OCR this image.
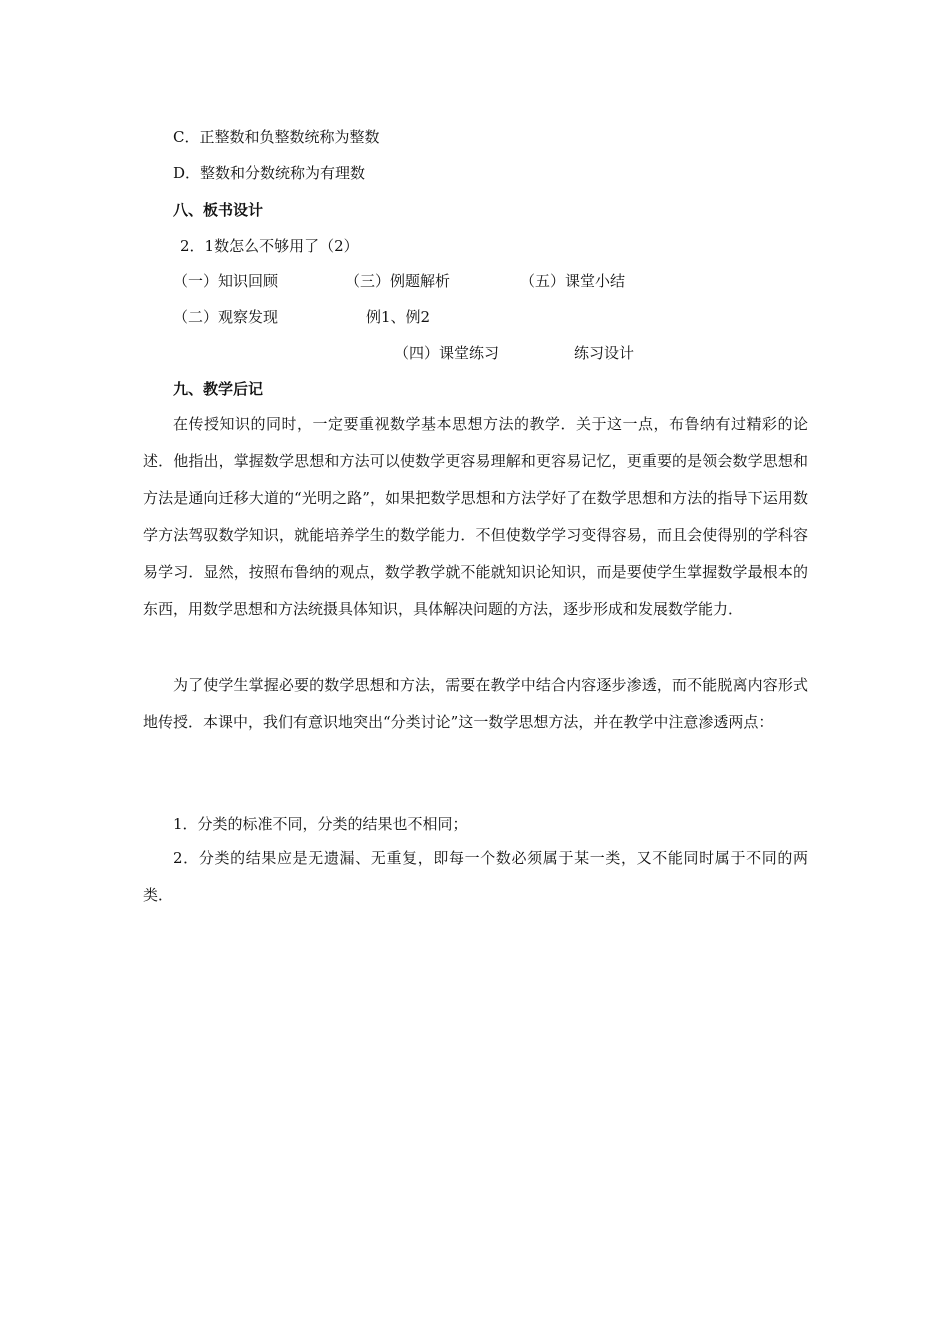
C．正整数和负整数统称为整数
D．整数和分数统称为有理数
八、板书设计
2．1数怎么不够用了（2）
（一）知识回顾	（三）例题解析	（五）课堂小结
（二）观察发现	例1、例2
（四）课堂练习	练习设计
九、教学后记
在传授知识的同时，一定要重视数学基本思想方法的教学．关于这一点，布鲁纳有过精彩的论述．他指出，掌握数学思想和方法可以使数学更容易理解和更容易记忆，更重要的是领会数学思想和方法是通向迁移大道的“光明之路”，如果把数学思想和方法学好了在数学思想和方法的指导下运用数学方法驾驭数学知识，就能培养学生的数学能力．不但使数学学习变得容易，而且会使得别的学科容易学习．显然，按照布鲁纳的观点，数学教学就不能就知识论知识，而是要使学生掌握数学最根本的东西，用数学思想和方法统摄具体知识，具体解决问题的方法，逐步形成和发展数学能力．
为了使学生掌握必要的数学思想和方法，需要在教学中结合内容逐步渗透，而不能脱离内容形式地传授．本课中，我们有意识地突出“分类讨论”这一数学思想方法，并在教学中注意渗透两点：
1．分类的标准不同，分类的结果也不相同；
2．分类的结果应是无遗漏、无重复，即每一个数必须属于某一类，又不能同时属于不同的两类．
